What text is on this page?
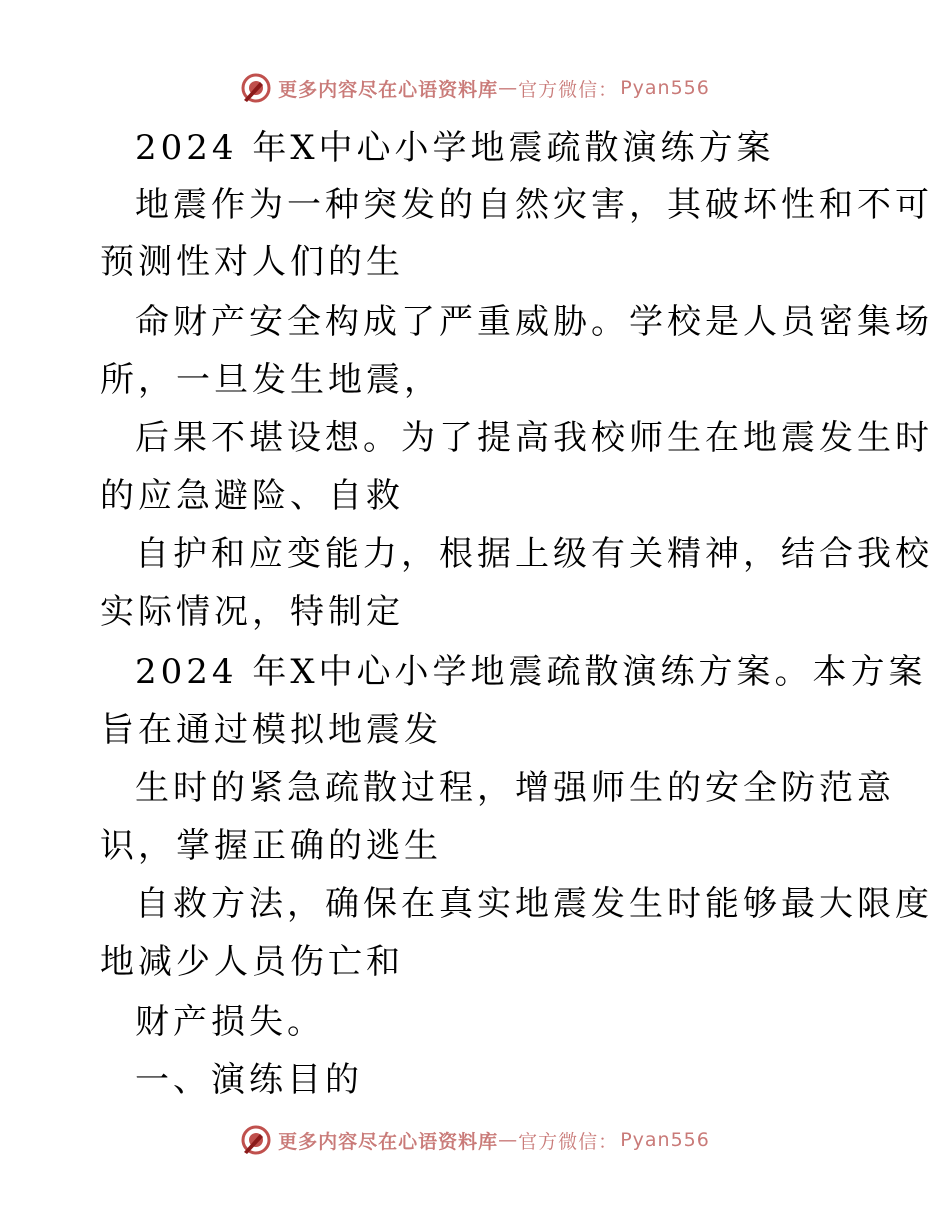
更多内容尽在心语资料库 — 官方微信： Pyan556
2024 年X中心小学地震疏散演练方案
地震作为一种突发的自然灾害，其破坏性和不可
预测性对人们的生
命财产安全构成了严重威胁。学校是人员密集场
所，一旦发生地震，
后果不堪设想。为了提高我校师生在地震发生时
的应急避险、自救
自护和应变能力，根据上级有关精神，结合我校
实际情况，特制定
2024 年X中心小学地震疏散演练方案。本方案
旨在通过模拟地震发
生时的紧急疏散过程，增强师生的安全防范意
识，掌握正确的逃生
自救方法，确保在真实地震发生时能够最大限度
地减少人员伤亡和
财产损失。
一、演练目的
更多内容尽在心语资料库 — 官方微信： Pyan556
